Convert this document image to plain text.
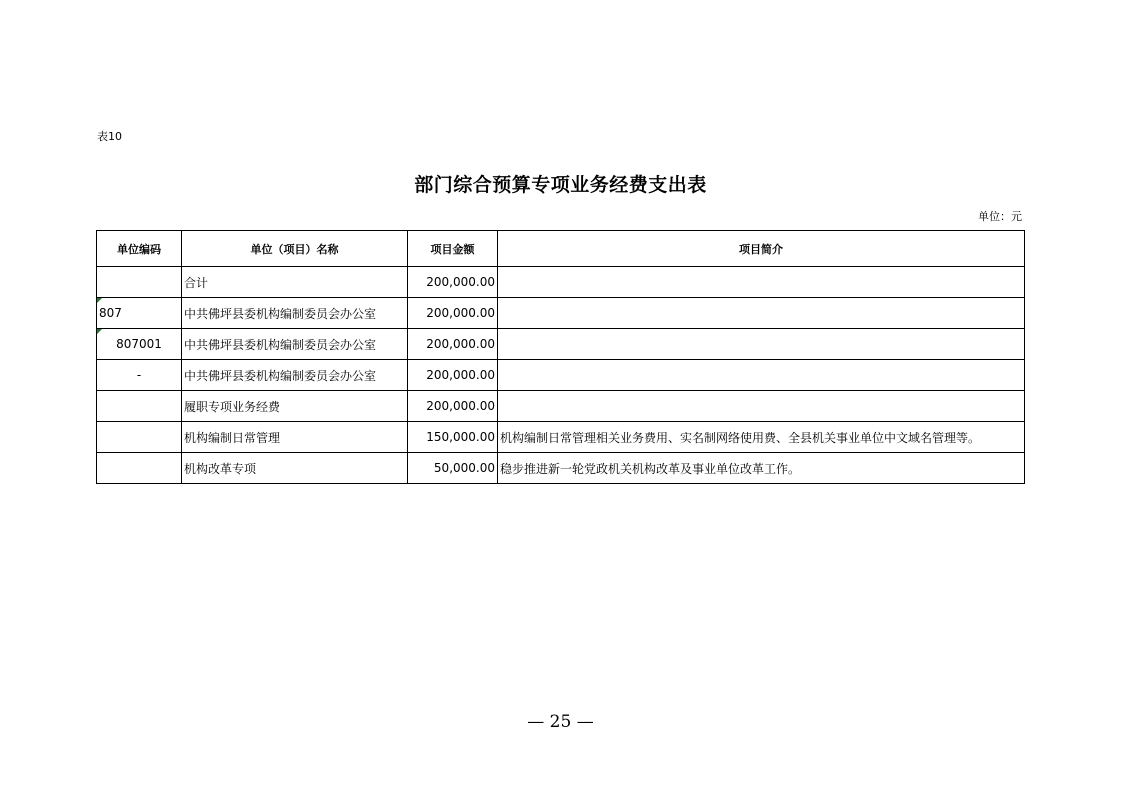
表10
部门综合预算专项业务经费支出表
单位：元
单位编码	单位（项目）名称	项目金额	项目简介
	合计	200,000.00	

807	中共佛坪县委机构编制委员会办公室	200,000.00	

807001	中共佛坪县委机构编制委员会办公室	200,000.00	
-	中共佛坪县委机构编制委员会办公室	200,000.00	
	履职专项业务经费	200,000.00	
	机构编制日常管理	150,000.00	机构编制日常管理相关业务费用、实名制网络使用费、全县机关事业单位中文域名管理等。
	机构改革专项	50,000.00	稳步推进新一轮党政机关机构改革及事业单位改革工作。
— 25 —
